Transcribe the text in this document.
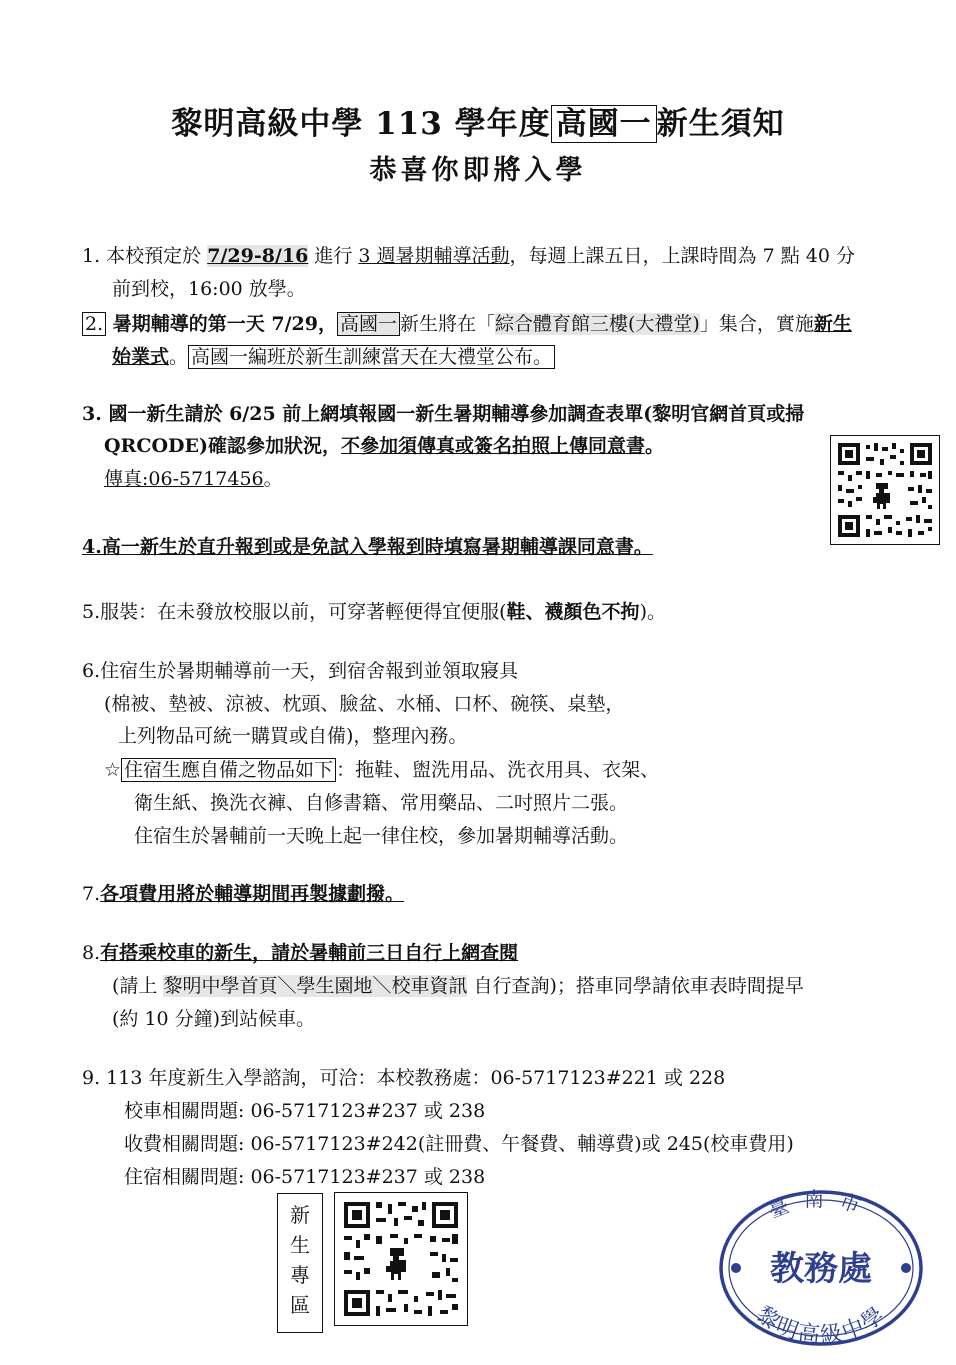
黎明高級中學 113 學年度 高國一 新生須知
恭喜你即將入學
1. 本校預定於 7/29-8/16 進行 3 週暑期輔導活動，每週上課五日，上課時間為 7 點 40 分
前到校，16:00 放學。
2. 暑期輔導的第一天 7/29， 高國一 新生將在「綜合體育館三樓(大禮堂)」集合，實施新生
始業式。 高國一編班於新生訓練當天在大禮堂公布。
3. 國一新生請於 6/25 前上網填報國一新生暑期輔導參加調查表單(黎明官網首頁或掃
QRCODE)確認參加狀況，不參加須傳真或簽名拍照上傳同意書。
傳真:06-5717456。
4.高一新生於直升報到或是免試入學報到時填寫暑期輔導課同意書。
5.服裝：在未發放校服以前，可穿著輕便得宜便服(鞋、襪顏色不拘)。
6.住宿生於暑期輔導前一天，到宿舍報到並領取寢具
(棉被、墊被、涼被、枕頭、臉盆、水桶、口杯、碗筷、桌墊，
上列物品可統一購買或自備)，整理內務。
☆ 住宿生應自備之物品如下 ：拖鞋、盥洗用品、洗衣用具、衣架、
衛生紙、換洗衣褲、自修書籍、常用藥品、二吋照片二張。
住宿生於暑輔前一天晚上起一律住校，參加暑期輔導活動。
7.各項費用將於輔導期間再製據劃撥。
8.有搭乘校車的新生，請於暑輔前三日自行上網查閱
(請上 黎明中學首頁＼學生園地＼校車資訊 自行查詢)；搭車同學請依車表時間提早
(約 10 分鐘)到站候車。
9. 113 年度新生入學諮詢，可洽：本校教務處：06-5717123#221 或 228
校車相關問題: 06-5717123#237 或 238
收費相關問題: 06-5717123#242(註冊費、午餐費、輔導費)或 245(校車費用)
住宿相關問題: 06-5717123#237 或 238
新
生
專
區
臺南市
教務處
黎明高級中學
